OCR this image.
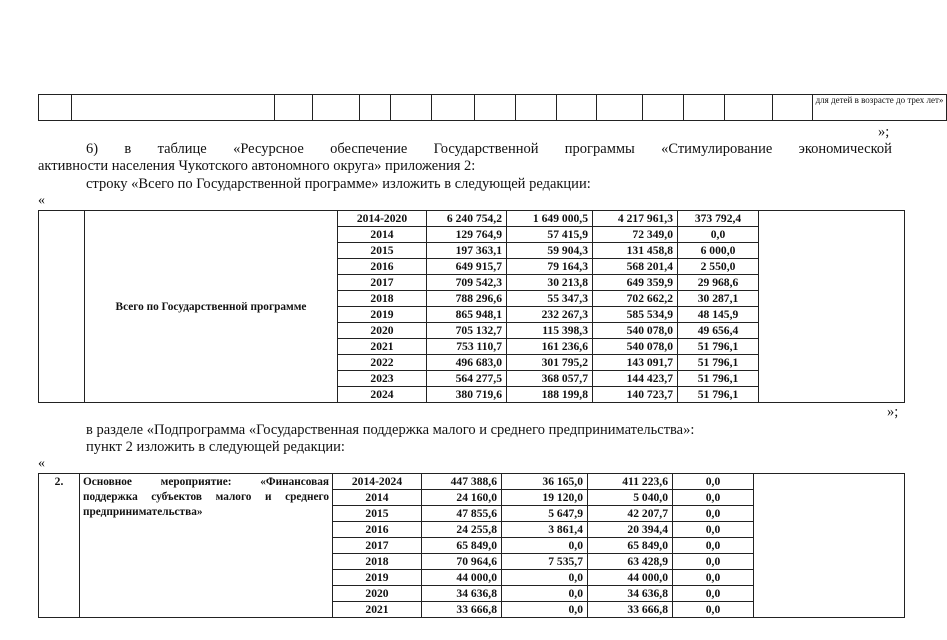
															для детей в возрасте до трех лет»
»;
6) в таблице «Ресурсное обеспечение Государственной программы «Стимулирование экономической
активности населения Чукотского автономного округа» приложения 2:
строку «Всего по Государственной программе» изложить в следующей редакции:
«
	Всего по Государственной программе	2014-2020	6 240 754,2	1 649 000,5	4 217 961,3	373 792,4	
		2014	129 764,9	57 415,9	72 349,0	0,0	
		2015	197 363,1	59 904,3	131 458,8	6 000,0	
		2016	649 915,7	79 164,3	568 201,4	2 550,0	
		2017	709 542,3	30 213,8	649 359,9	29 968,6	
		2018	788 296,6	55 347,3	702 662,2	30 287,1	
		2019	865 948,1	232 267,3	585 534,9	48 145,9	
		2020	705 132,7	115 398,3	540 078,0	49 656,4	
		2021	753 110,7	161 236,6	540 078,0	51 796,1	
		2022	496 683,0	301 795,2	143 091,7	51 796,1	
		2023	564 277,5	368 057,7	144 423,7	51 796,1	
		2024	380 719,6	188 199,8	140 723,7	51 796,1	
»;
в разделе «Подпрограмма «Государственная поддержка малого и среднего предпринимательства»:
пункт 2 изложить в следующей редакции:
«
2.	Основное мероприятие: «Финансовая поддержка субъектов малого и среднего предпринимательства»	2014-2024	447 388,6	36 165,0	411 223,6	0,0	
		2014	24 160,0	19 120,0	5 040,0	0,0	
		2015	47 855,6	5 647,9	42 207,7	0,0	
		2016	24 255,8	3 861,4	20 394,4	0,0	
		2017	65 849,0	0,0	65 849,0	0,0	
		2018	70 964,6	7 535,7	63 428,9	0,0	
		2019	44 000,0	0,0	44 000,0	0,0	
		2020	34 636,8	0,0	34 636,8	0,0	
		2021	33 666,8	0,0	33 666,8	0,0	
